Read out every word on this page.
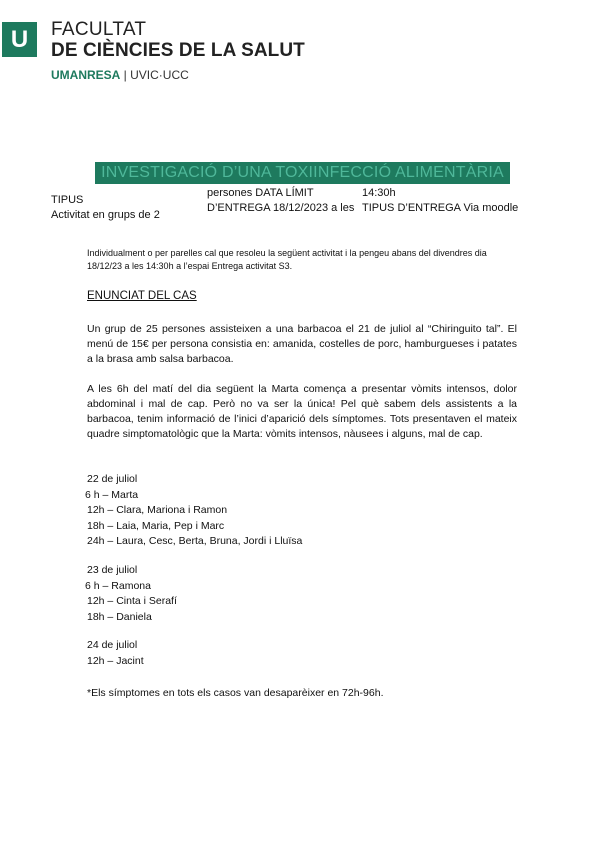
U	FACULTAT
DE CIÈNCIES DE LA SALUT
UMANRESA | UVIC·UCC
INVESTIGACIÓ D’UNA TOXIINFECCIÓ ALIMENTÀRIA
TIPUS
Activitat en grups de 2
persones DATA LÍMIT
D’ENTREGA 18/12/2023 a les
14:30h
TIPUS D’ENTREGA Via moodle
Individualment o per parelles cal que resoleu la següent activitat i la pengeu abans del divendres dia 18/12/23 a les 14:30h a l’espai Entrega activitat S3.
ENUNCIAT DEL CAS
Un grup de 25 persones assisteixen a una barbacoa el 21 de juliol al “Chiringuito tal”. El menú de 15€ per persona consistia en: amanida, costelles de porc, hamburgueses i patates a la brasa amb salsa barbacoa.
A les 6h del matí del dia següent la Marta comença a presentar vòmits intensos, dolor abdominal i mal de cap. Però no va ser la única! Pel què sabem dels assistents a la barbacoa, tenim informació de l’inici d’aparició dels símptomes. Tots presentaven el mateix quadre simptomatològic que la Marta: vòmits intensos, nàusees i alguns, mal de cap.
22 de juliol
6 h – Marta
12h – Clara, Mariona i Ramon
18h – Laia, Maria, Pep i Marc
24h – Laura, Cesc, Berta, Bruna, Jordi i Lluïsa
23 de juliol
6 h – Ramona
12h – Cinta i Serafí
18h – Daniela
24 de juliol
12h – Jacint
*Els símptomes en tots els casos van desaparèixer en 72h-96h.
